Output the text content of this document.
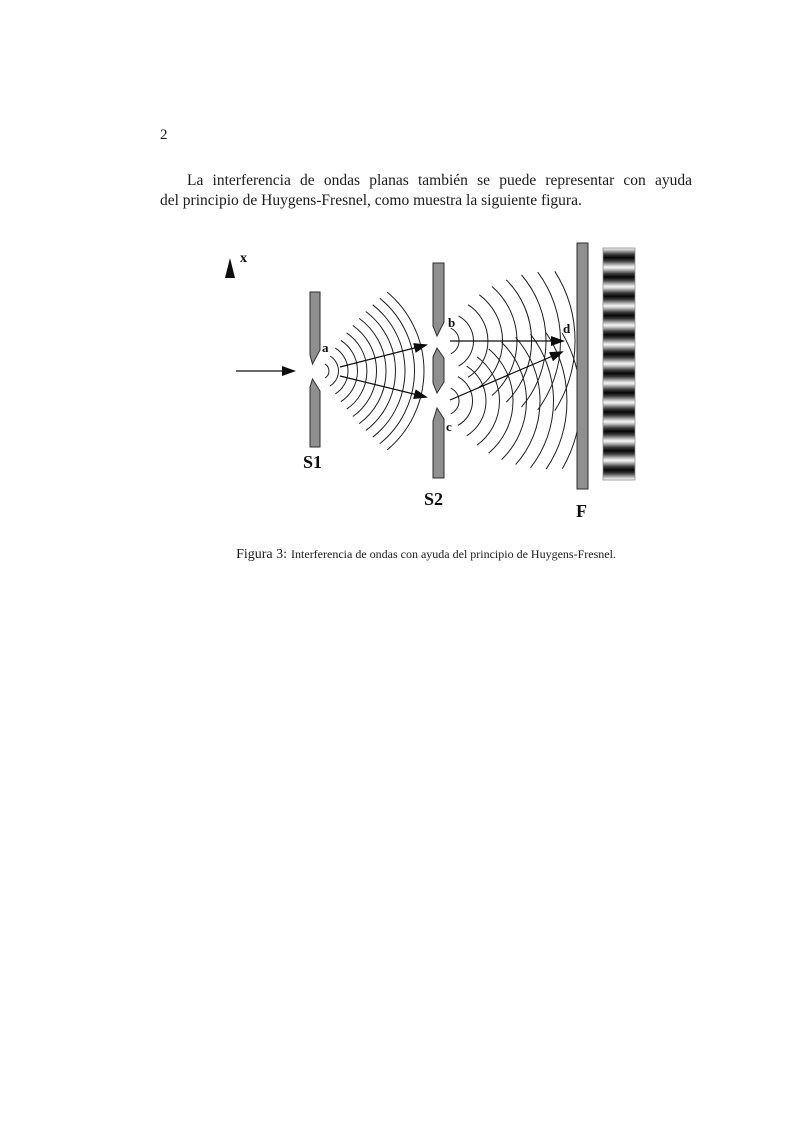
2
La interferencia de ondas planas también se puede representar con ayuda
del principio de Huygens-Fresnel, como muestra la siguiente figura.
x
a
b
c
d
S1
S2
F
Figura 3: Interferencia de ondas con ayuda del principio de Huygens-Fresnel.
